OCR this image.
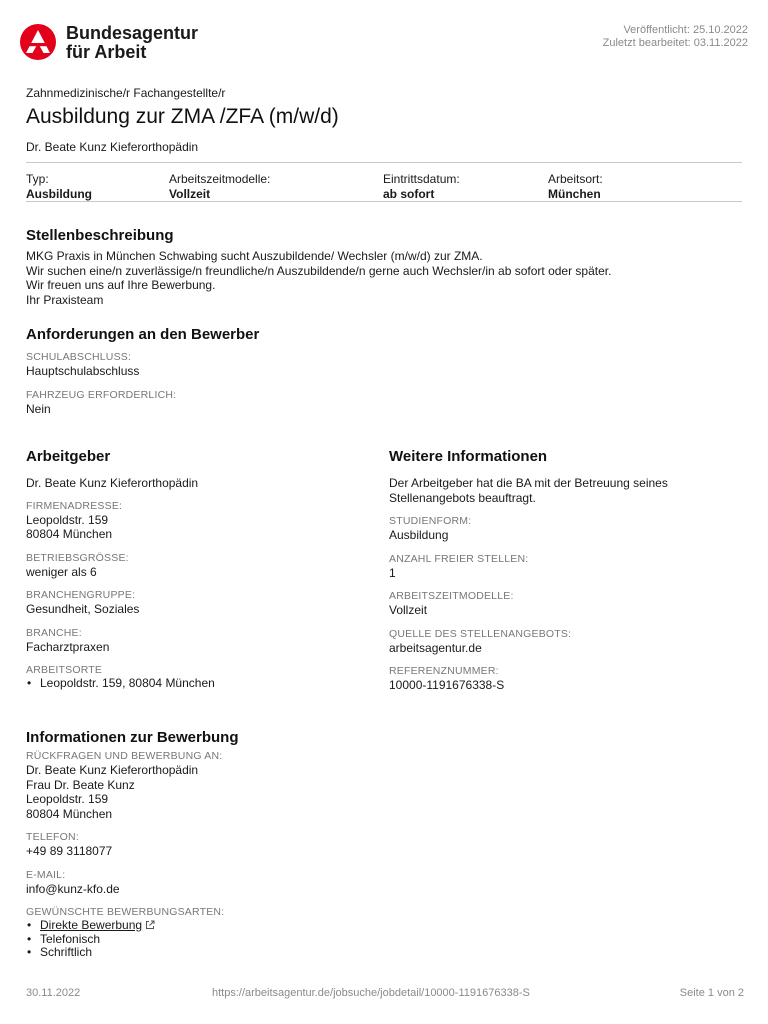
Bundesagentur
für Arbeit
Veröffentlicht: 25.10.2022
Zuletzt bearbeitet: 03.11.2022
Zahnmedizinische/r Fachangestellte/r
Ausbildung zur ZMA /ZFA (m/w/d)
Dr. Beate Kunz Kieferorthopädin
Typ:
Ausbildung
Arbeitszeitmodelle:
Vollzeit
Eintrittsdatum:
ab sofort
Arbeitsort:
München
Stellenbeschreibung
MKG Praxis in München Schwabing sucht Auszubildende/ Wechsler (m/w/d) zur ZMA.
Wir suchen eine/n zuverlässige/n freundliche/n Auszubildende/n gerne auch Wechsler/in ab sofort oder später.
Wir freuen uns auf Ihre Bewerbung.
Ihr Praxisteam
Anforderungen an den Bewerber
SCHULABSCHLUSS:
Hauptschulabschluss
FAHRZEUG ERFORDERLICH:
Nein
Arbeitgeber
Dr. Beate Kunz Kieferorthopädin
FIRMENADRESSE:
Leopoldstr. 159
80804 München
BETRIEBSGRÖSSE:
weniger als 6
BRANCHENGRUPPE:
Gesundheit, Soziales
BRANCHE:
Facharztpraxen
ARBEITSORTE
• Leopoldstr. 159, 80804 München
Weitere Informationen
Der Arbeitgeber hat die BA mit der Betreuung seines
Stellenangebots beauftragt.
STUDIENFORM:
Ausbildung
ANZAHL FREIER STELLEN:
1
ARBEITSZEITMODELLE:
Vollzeit
QUELLE DES STELLENANGEBOTS:
arbeitsagentur.de
REFERENZNUMMER:
10000-1191676338-S
Informationen zur Bewerbung
RÜCKFRAGEN UND BEWERBUNG AN:
Dr. Beate Kunz Kieferorthopädin
Frau Dr. Beate Kunz
Leopoldstr. 159
80804 München
TELEFON:
+49 89 3118077
E-MAIL:
info@kunz-kfo.de
GEWÜNSCHTE BEWERBUNGSARTEN:
• Direkte Bewerbung
• Telefonisch
• Schriftlich
30.11.2022	https://arbeitsagentur.de/jobsuche/jobdetail/10000-1191676338-S	Seite 1 von 2
